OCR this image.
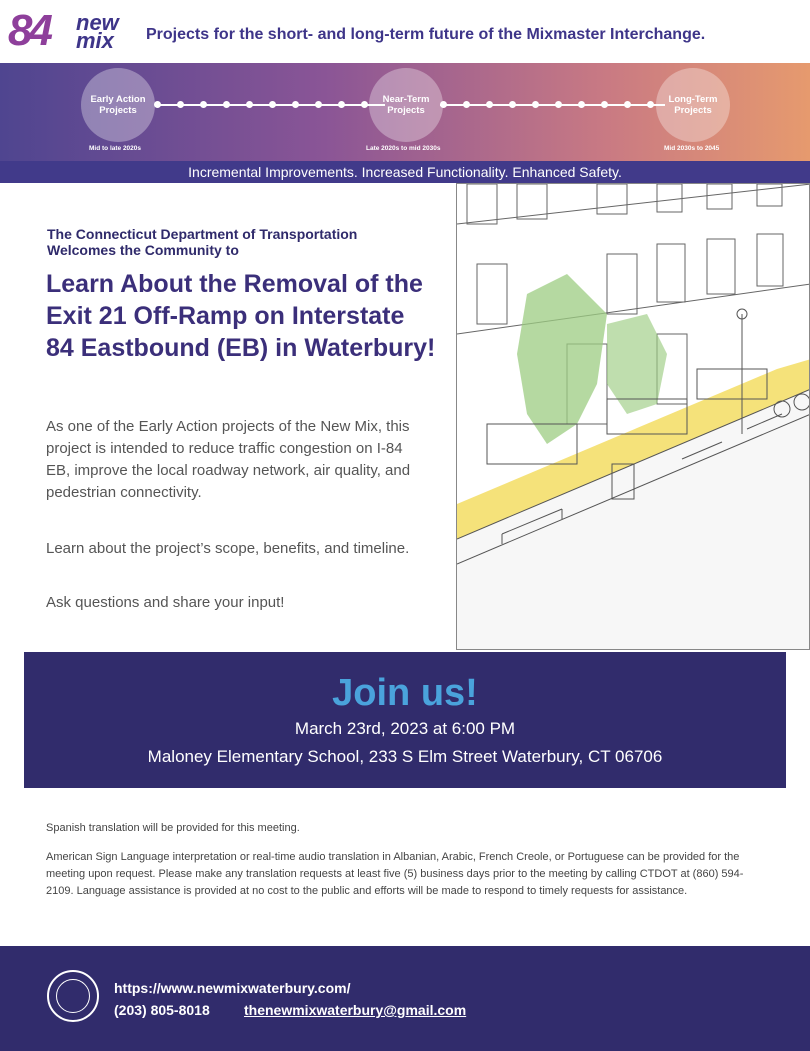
84 new
mix	Projects for the short- and long-term future of the Mixmaster Interchange.
Early Action
Projects
Mid to late 2020s
Near-Term
Projects
Late 2020s to mid 2030s
Long-Term
Projects
Mid 2030s to 2045
Incremental Improvements. Increased Functionality. Enhanced Safety.
The Connecticut Department of Transportation Welcomes the Community to
Learn About the Removal of the Exit 21 Off-Ramp on Interstate 84 Eastbound (EB) in Waterbury!
As one of the Early Action projects of the New Mix, this project is intended to reduce traffic congestion on I-84 EB, improve the local roadway network, air quality, and pedestrian connectivity.
Learn about the project’s scope, benefits, and timeline.
Ask questions and share your input!
Join us!
March 23rd, 2023 at 6:00 PM
Maloney Elementary School, 233 S Elm Street Waterbury, CT 06706
Spanish translation will be provided for this meeting.
American Sign Language interpretation or real-time audio translation in Albanian, Arabic, French Creole, or Portuguese can be provided for the meeting upon request. Please make any translation requests at least five (5) business days prior to the meeting by calling CTDOT at (860) 594-2109. Language assistance is provided at no cost to the public and efforts will be made to respond to timely requests for assistance.
https://www.newmixwaterbury.com/
(203) 805-8018 thenewmixwaterbury@gmail.com
